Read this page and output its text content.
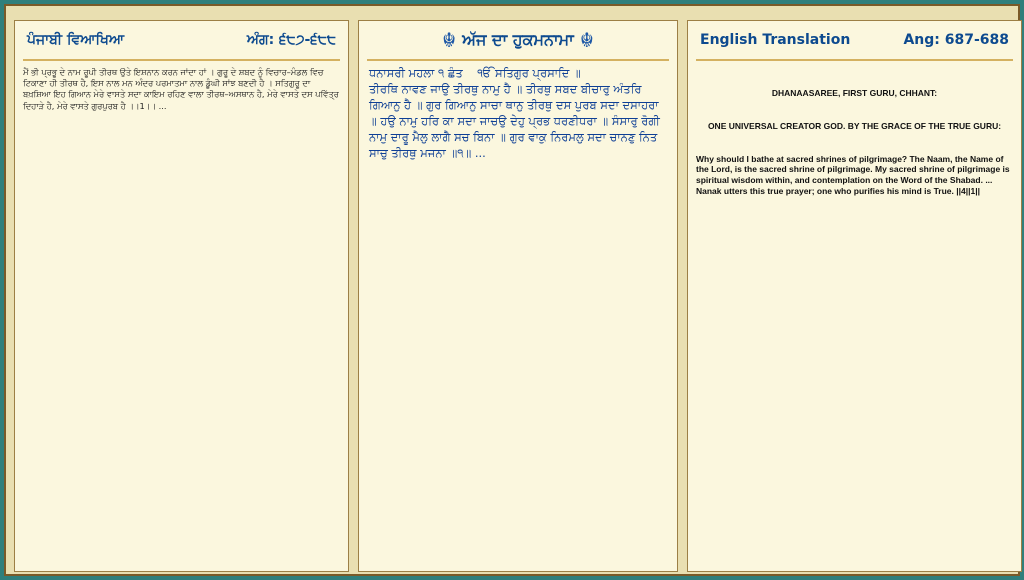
ਪੰਜਾਬੀ ਵਿਆਖਿਆ	ਅੰਗ: ੬੮੭-੬੮੮
ਮੈਂ ਭੀ ਪ੍ਰਭੂ ਦੇ ਨਾਮ ਰੂਪੀ ਤੀਰਥ ਉਤੇ ਇਸ਼ਨਾਨ ਕਰਨ ਜਾਂਦਾ ਹਾਂ । ਗੁਰੂ ਦੇ ਸ਼ਬਦ ਨੂੰ ਵਿਚਾਰ–ਮੰਡਲ ਵਿਚ ਟਿਕਾਣਾ ਹੀ ਤੀਰਥ ਹੈ, ਇਸ ਨਾਲ ਮਨ ਅੰਦਰ ਪਰਮਾਤਮਾ ਨਾਲ ਡੂੰਘੀ ਸਾਂਝ ਬਣਦੀ ਹੈ । ਸਤਿਗੁਰੂ ਦਾ ਬਖ਼ਸ਼ਿਆ ਇਹ ਗਿਆਨ ਮੇਰੇ ਵਾਸਤੇ ਸਦਾ ਕਾਇਮ ਰਹਿਣ ਵਾਲਾ ਤੀਰਥ–ਅਸਥਾਨ ਹੈ, ਮੇਰੇ ਵਾਸਤੇ ਦਸ ਪਵਿੱਤ੍ਰ ਦਿਹਾੜੇ ਹੈ, ਮੇਰੇ ਵਾਸਤੇ ਗੁਰਪੁਰਬ ਹੈ ।।1।। ...
☬ ਅੱਜ ਦਾ ਹੁਕਮਨਾਮਾ ☬
ਧਨਾਸਰੀ ਮਹਲਾ ੧ ਛੰਤ    ੴ ਸਤਿਗੁਰ ਪ੍ਰਸਾਦਿ ॥
ਤੀਰਥਿ ਨਾਵਣ ਜਾਉ ਤੀਰਥੁ ਨਾਮੁ ਹੈ ॥ ਤੀਰਥੁ ਸਬਦ ਬੀਚਾਰੁ ਅੰਤਰਿ ਗਿਆਨੁ ਹੈ ॥ ਗੁਰ ਗਿਆਨੁ ਸਾਚਾ ਥਾਨੁ ਤੀਰਥੁ ਦਸ ਪੁਰਬ ਸਦਾ ਦਸਾਹਰਾ ॥ ਹਉ ਨਾਮੁ ਹਰਿ ਕਾ ਸਦਾ ਜਾਚਉ ਦੇਹੁ ਪ੍ਰਭ ਧਰਣੀਧਰਾ ॥ ਸੰਸਾਰੁ ਰੋਗੀ ਨਾਮੁ ਦਾਰੂ ਮੈਲੁ ਲਾਗੈ ਸਚ ਬਿਨਾ ॥ ਗੁਰ ਵਾਕੁ ਨਿਰਮਲੁ ਸਦਾ ਚਾਨਣੁ ਨਿਤ ਸਾਚੁ ਤੀਰਥੁ ਮਜਨਾ ॥੧॥ ...
English Translation	Ang: 687-688

DHANAASAREE, FIRST GURU, CHHANT:

ONE UNIVERSAL CREATOR GOD. BY THE GRACE OF THE TRUE GURU:

Why should I bathe at sacred shrines of pilgrimage? The Naam, the Name of the Lord, is the sacred shrine of pilgrimage. My sacred shrine of pilgrimage is spiritual wisdom within, and contemplation on the Word of the Shabad. ... Nanak utters this true prayer; one who purifies his mind is True. ||4||1||
